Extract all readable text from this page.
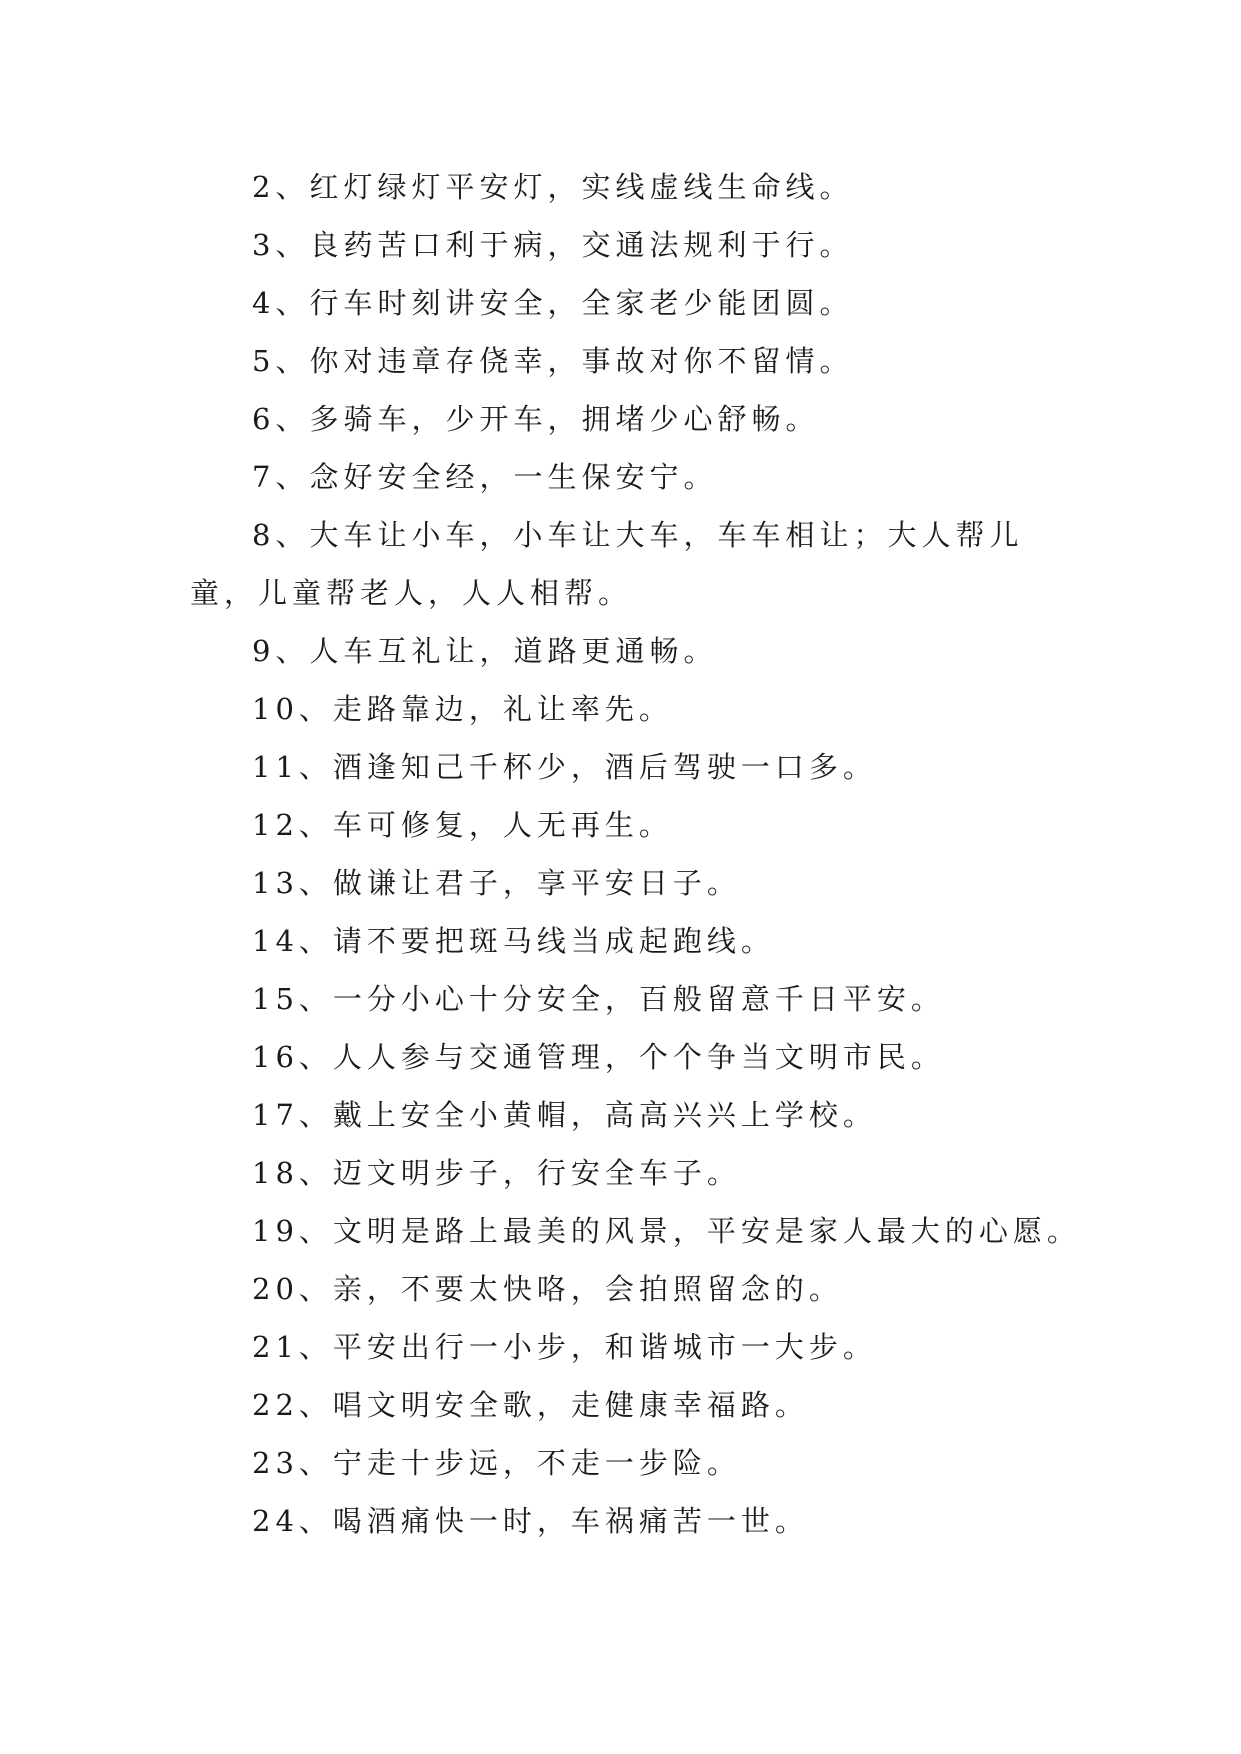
2、红灯绿灯平安灯，实线虚线生命线。

3、良药苦口利于病，交通法规利于行。

4、行车时刻讲安全，全家老少能团圆。

5、你对违章存侥幸，事故对你不留情。

6、多骑车，少开车，拥堵少心舒畅。

7、念好安全经，一生保安宁。

8、大车让小车，小车让大车，车车相让；大人帮儿童，儿童帮老人，人人相帮。

9、人车互礼让，道路更通畅。

10、走路靠边，礼让率先。

11、酒逢知己千杯少，酒后驾驶一口多。

12、车可修复，人无再生。

13、做谦让君子，享平安日子。

14、请不要把斑马线当成起跑线。

15、一分小心十分安全，百般留意千日平安。

16、人人参与交通管理，个个争当文明市民。

17、戴上安全小黄帽，高高兴兴上学校。

18、迈文明步子，行安全车子。

19、文明是路上最美的风景，平安是家人最大的心愿。

20、亲，不要太快咯，会拍照留念的。

21、平安出行一小步，和谐城市一大步。

22、唱文明安全歌，走健康幸福路。

23、宁走十步远，不走一步险。

24、喝酒痛快一时，车祸痛苦一世。
